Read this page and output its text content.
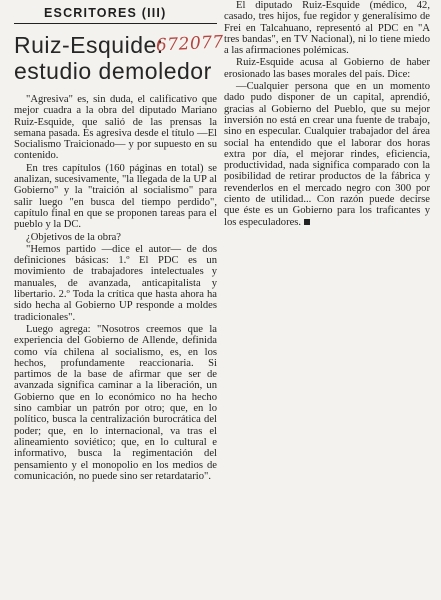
ESCRITORES (III)
Ruiz-Esquide:
estudio demoledor
672077

"Agresiva" es, sin duda, el calificativo que mejor cuadra a la obra del diputado Mariano Ruiz-Esquide, que salió de las prensas la semana pasada. Es agresiva desde el título —El Socialismo Traicionado— y por supuesto en su contenido.

En tres capítulos (160 páginas en total) se analizan, sucesivamente, "la llegada de la UP al Gobierno" y la "traición al socialismo" para salir luego "en busca del tiempo perdido", capítulo final en que se proponen tareas para el pueblo y la DC.

¿Objetivos de la obra?

"Hemos partido —dice el autor— de dos definiciones básicas: 1.º El PDC es un movimiento de trabajadores intelectuales y manuales, de avanzada, anticapitalista y libertario. 2.º Toda la crítica que hasta ahora ha sido hecha al Gobierno UP responde a moldes tradicionales".

Luego agrega: "Nosotros creemos que la experiencia del Gobierno de Allende, definida como vía chilena al socialismo, es, en los hechos, profundamente reaccionaria. Si partimos de la base de afirmar que ser de avanzada significa caminar a la liberación, un Gobierno que en lo económico no ha hecho sino cambiar un patrón por otro; que, en lo político, busca la centralización burocrática del poder; que, en lo internacional, va tras el alineamiento soviético; que, en lo cultural e informativo, busca la regimentación del pensamiento y el monopolio en los medios de comunicación, no puede sino ser retardatario".

El diputado Ruiz-Esquide (médico, 42, casado, tres hijos, fue regidor y generalísimo de Frei en Talcahuano, representó al PDC en "A tres bandas", en TV Nacional), ni lo tiene miedo a las afirmaciones polémicas.

Ruiz-Esquide acusa al Gobierno de haber erosionado las bases morales del país. Dice:

—Cualquier persona que en un momento dado pudo disponer de un capital, aprendió, gracias al Gobierno del Pueblo, que su mejor inversión no está en crear una fuente de trabajo, sino en especular. Cualquier trabajador del área social ha entendido que el laborar dos horas extra por día, el mejorar rindes, eficiencia, productividad, nada significa comparado con la posibilidad de retirar productos de la fábrica y revenderlos en el mercado negro con 300 por ciento de utilidad... Con razón puede decirse que éste es un Gobierno para los traficantes y los especuladores.
